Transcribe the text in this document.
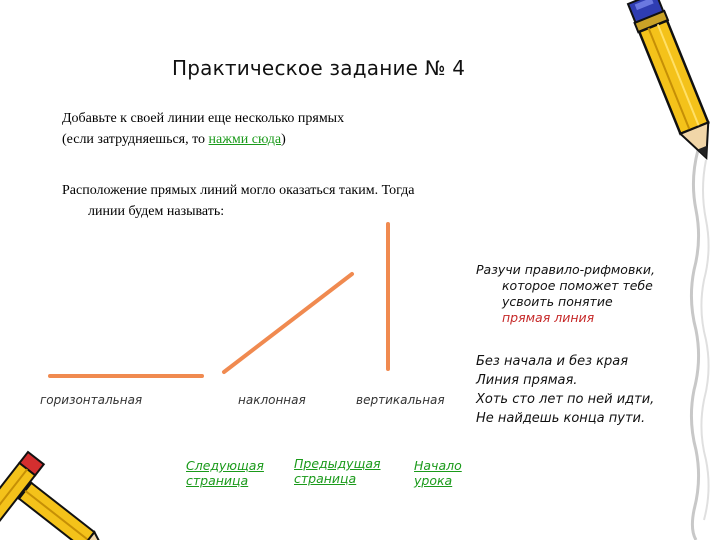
Практическое задание № 4
Добавьте к своей линии еще несколько прямых
(если затрудняешься, то нажми сюда)
Расположение прямых линий могло оказаться таким. Тогда
линии будем называть:
горизонтальная	наклонная	вертикальная
Разучи правило-рифмовки,
которое поможет тебе
усвоить понятие
прямая линия
Без начала и без края
Линия прямая.
Хоть сто лет по ней идти,
Не найдешь конца пути.
Следующая
страница
Предыдущая
страница
Начало
урока
